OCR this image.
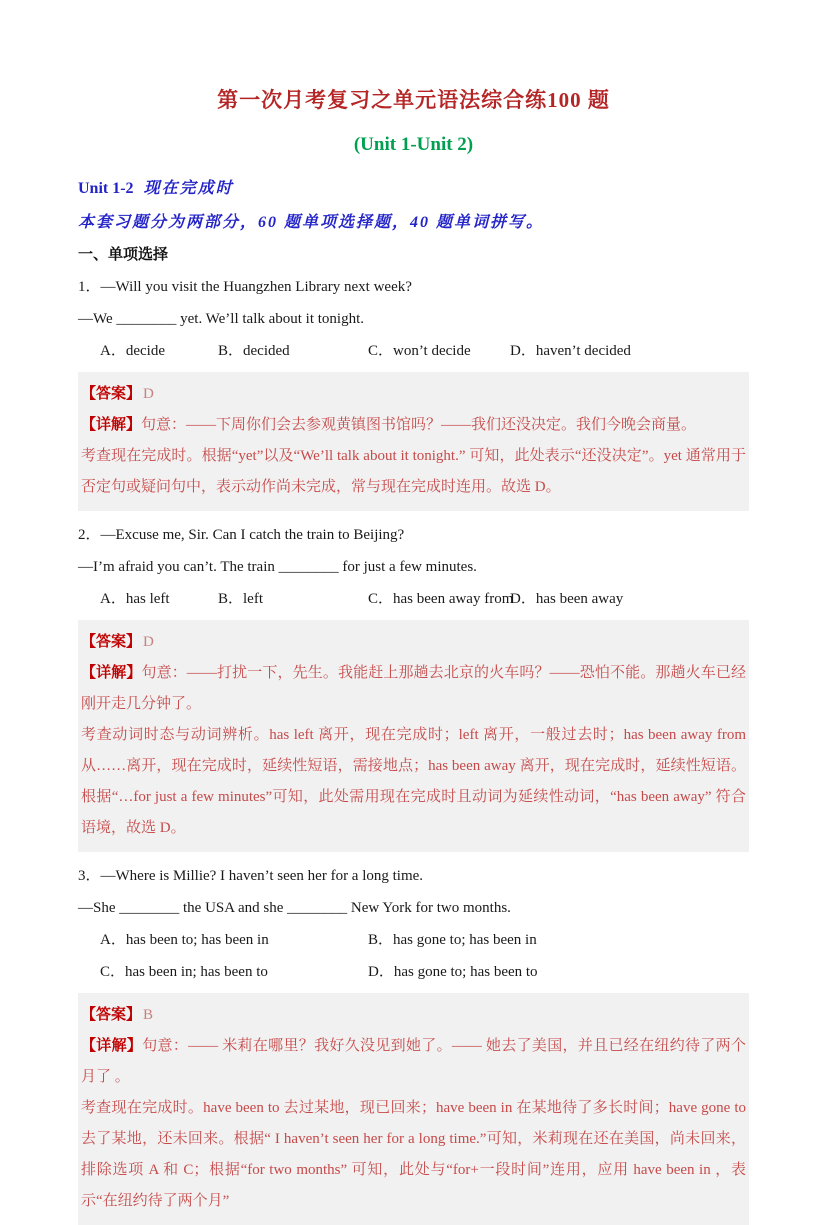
第一次月考复习之单元语法综合练100 题
(Unit 1-Unit 2)

Unit 1-2 现在完成时

本套习题分为两部分，60 题单项选择题，40 题单词拼写。

一、单项选择

1．—Will you visit the Huangzhen Library next week?

—We ________ yet. We’ll talk about it tonight.

A．decide	B．decided	C．won’t decide	D．haven’t decided

【答案】 D

【详解】句意：——下周你们会去参观黄镇图书馆吗？——我们还没决定。我们今晚会商量。

考查现在完成时。根据“yet”以及“We’ll talk about it tonight.” 可知，此处表示“还没决定”。yet 通常用于否定句或疑问句中，表示动作尚未完成，常与现在完成时连用。故选 D。

2．—Excuse me, Sir. Can I catch the train to Beijing?

—I’m afraid you can’t. The train ________ for just a few minutes.

A．has left	B．left	C．has been away from
D．has been away

【答案】 D

【详解】句意：——打扰一下，先生。我能赶上那趟去北京的火车吗？——恐怕不能。那趟火车已经刚开走几分钟了。

考查动词时态与动词辨析。has left 离开，现在完成时；left 离开，一般过去时；has been away from 从……离开，现在完成时，延续性短语，需接地点；has been away 离开，现在完成时，延续性短语。根据“…for just a few minutes”可知，此处需用现在完成时且动词为延续性动词，“has been away” 符合语境，故选 D。

3．—Where is Millie? I haven’t seen her for a long time.

—She ________ the USA and she ________ New York for two months.

A．has been to; has been in	B．has gone to; has been in
C．has been in; has been to	D．has gone to; has been to

【答案】 B

【详解】句意：—— 米莉在哪里？我好久没见到她了。—— 她去了美国，并且已经在纽约待了两个月了 。

考查现在完成时。have been to 去过某地，现已回来；have been in 在某地待了多长时间；have gone to 去了某地，还未回来。根据“ I haven’t seen her for a long time.”可知，米莉现在还在美国，尚未回来，排除选项 A 和 C；根据“for two months” 可知，此处与“for+一段时间”连用，应用 have been in ，表示“在纽约待了两个月”
